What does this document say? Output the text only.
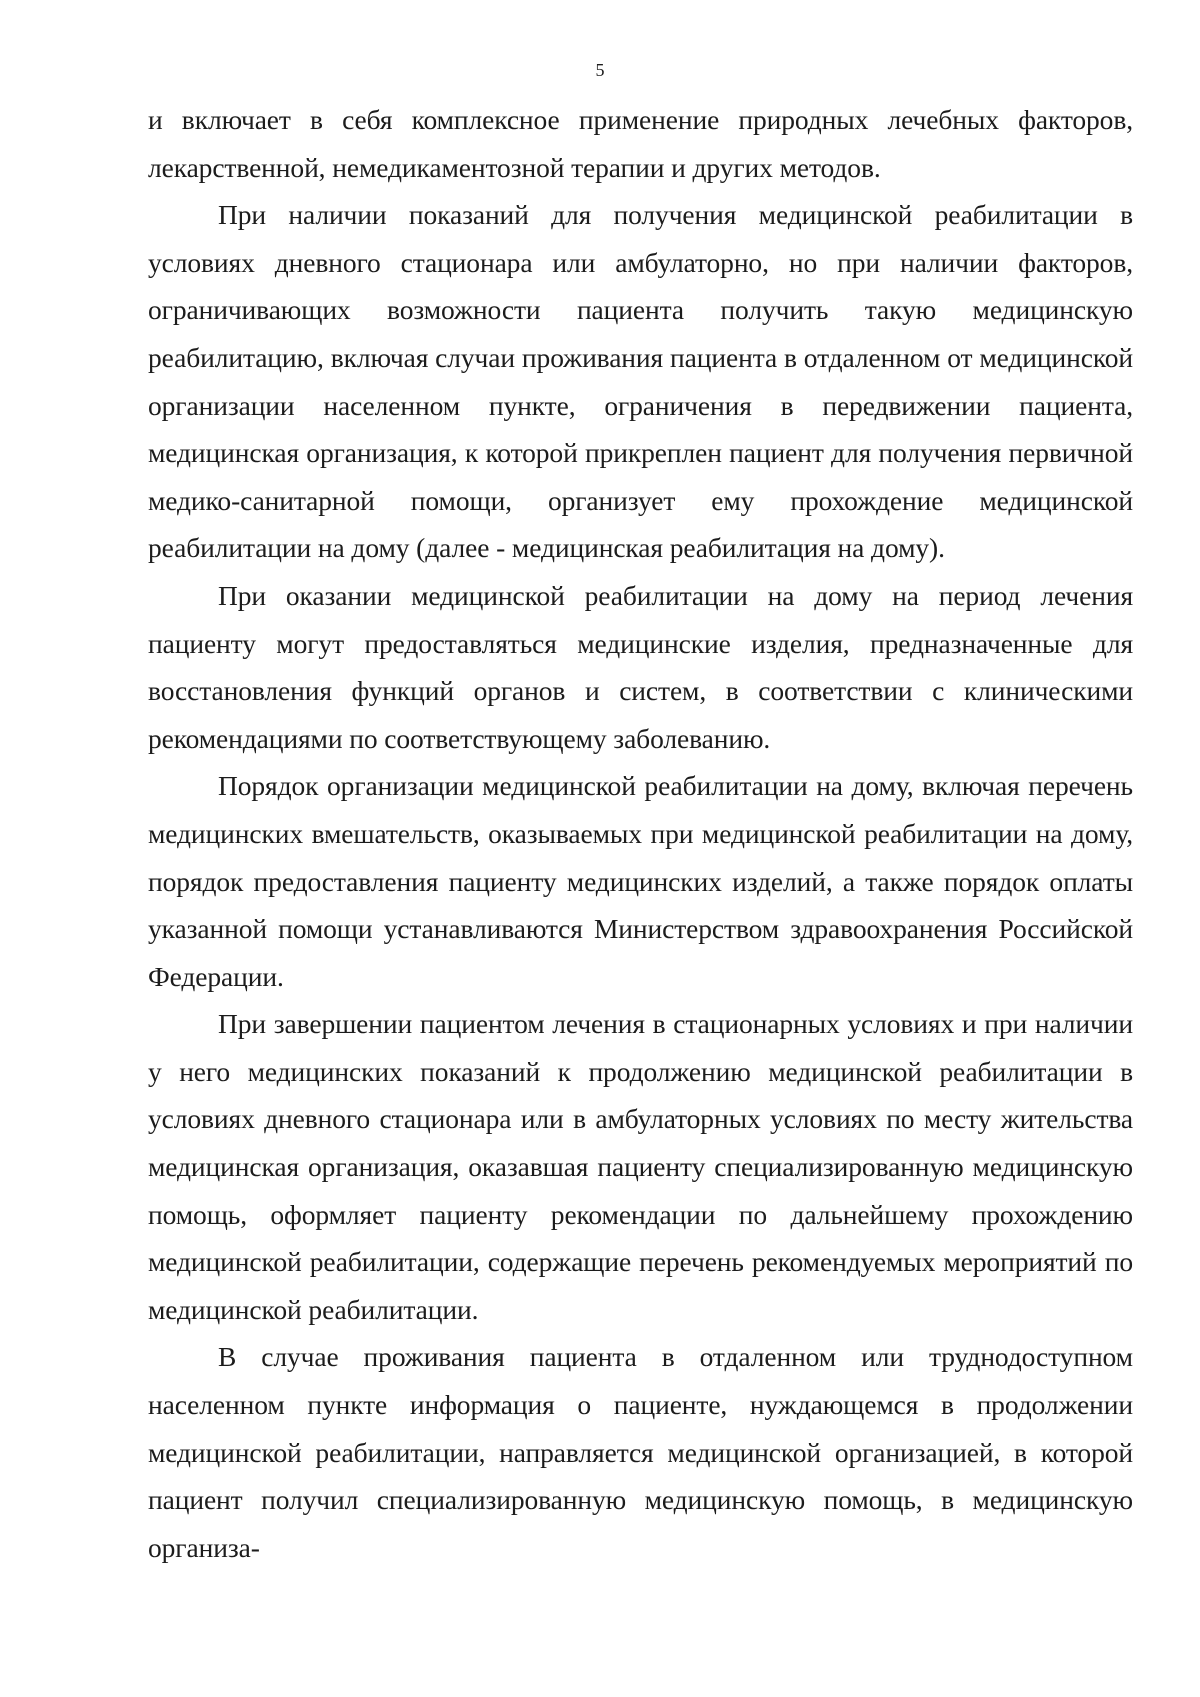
5

и включает в себя комплексное применение природных лечебных факторов, лекарственной, немедикаментозной терапии и других методов.

При наличии показаний для получения медицинской реабилитации в условиях дневного стационара или амбулаторно, но при наличии факторов, ограничивающих возможности пациента получить такую медицинскую реабилитацию, включая случаи проживания пациента в отдаленном от медицинской организации населенном пункте, ограничения в передвижении пациента, медицинская организация, к которой прикреплен пациент для получения первичной медико-санитарной помощи, организует ему прохождение медицинской реабилитации на дому (далее - медицинская реабилитация на дому).

При оказании медицинской реабилитации на дому на период лечения пациенту могут предоставляться медицинские изделия, предназначенные для восстановления функций органов и систем, в соответствии с клиническими рекомендациями по соответствующему заболеванию.

Порядок организации медицинской реабилитации на дому, включая перечень медицинских вмешательств, оказываемых при медицинской реабилитации на дому, порядок предоставления пациенту медицинских изделий, а также порядок оплаты указанной помощи устанавливаются Министерством здравоохранения Российской Федерации.

При завершении пациентом лечения в стационарных условиях и при наличии у него медицинских показаний к продолжению медицинской реабилитации в условиях дневного стационара или в амбулаторных условиях по месту жительства медицинская организация, оказавшая пациенту специализированную медицинскую помощь, оформляет пациенту рекомендации по дальнейшему прохождению медицинской реабилитации, содержащие перечень рекомендуемых мероприятий по медицинской реабилитации.

В случае проживания пациента в отдаленном или труднодоступном населенном пункте информация о пациенте, нуждающемся в продолжении медицинской реабилитации, направляется медицинской организацией, в которой пациент получил специализированную медицинскую помощь, в медицинскую организа-
